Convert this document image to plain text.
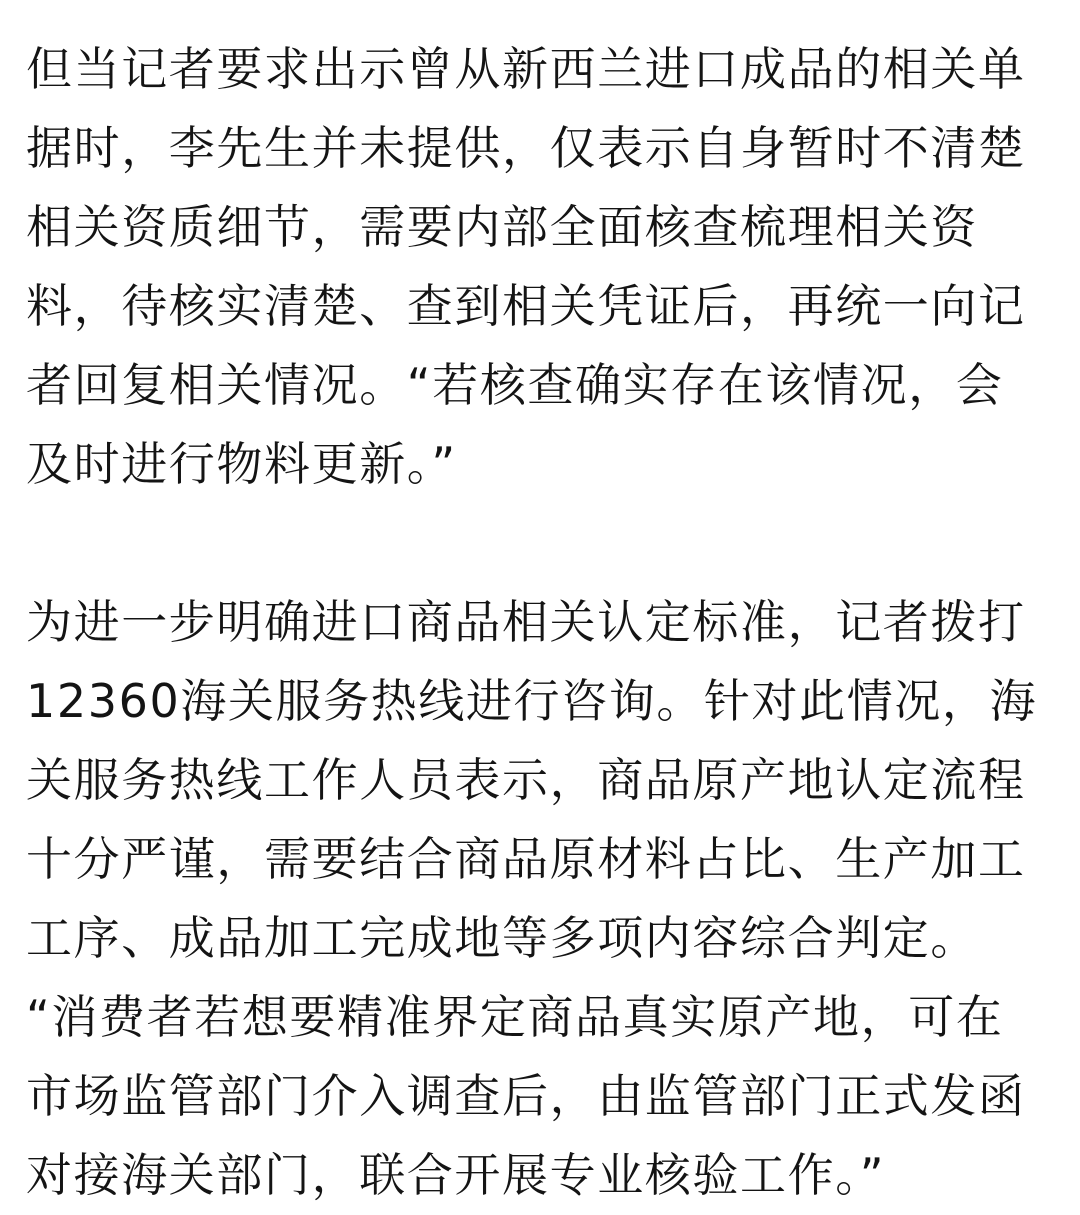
但当记者要求出示曾从新西兰进口成品的相关单
据时，李先生并未提供，仅表示自身暂时不清楚
相关资质细节，需要内部全面核查梳理相关资
料，待核实清楚、查到相关凭证后，再统一向记
者回复相关情况。“若核查确实存在该情况，会
及时进行物料更新。”
为进一步明确进口商品相关认定标准，记者拨打
12360海关服务热线进行咨询。针对此情况，海
关服务热线工作人员表示，商品原产地认定流程
十分严谨，需要结合商品原材料占比、生产加工
工序、成品加工完成地等多项内容综合判定。
“消费者若想要精准界定商品真实原产地，可在
市场监管部门介入调查后，由监管部门正式发函
对接海关部门，联合开展专业核验工作。”
